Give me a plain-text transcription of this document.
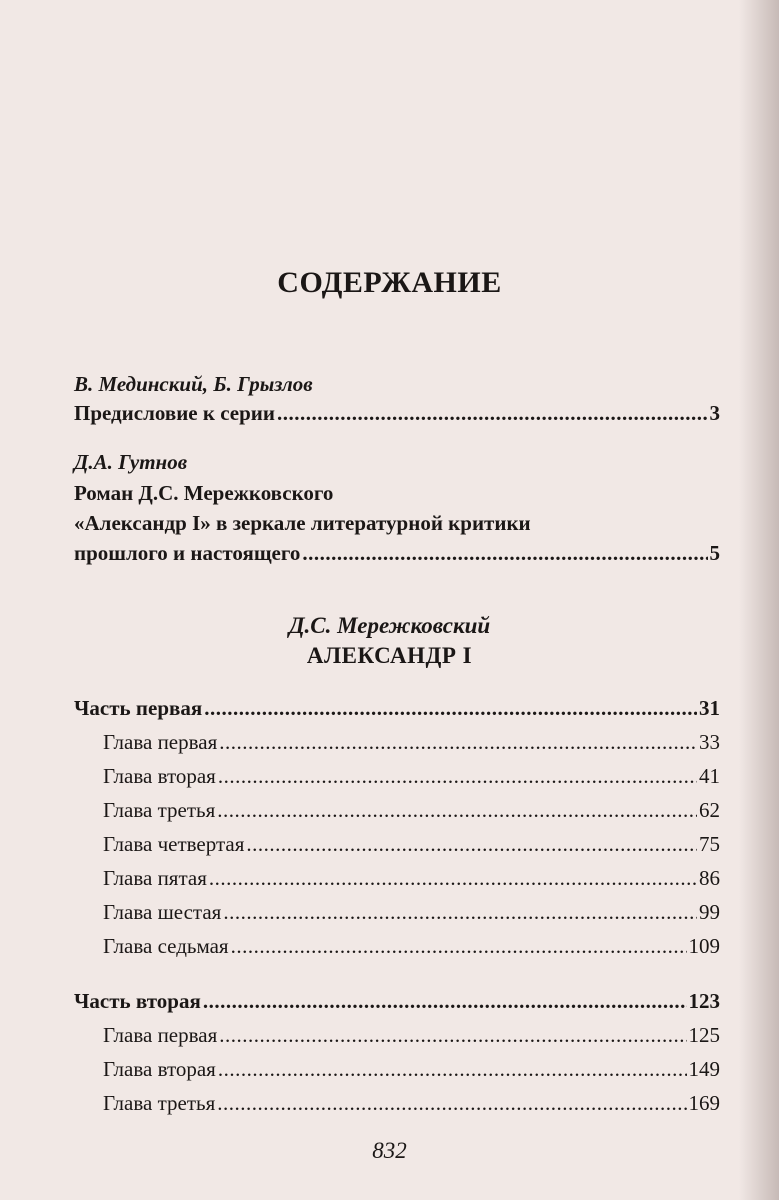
СОДЕРЖАНИЕ
В. Мединский, Б. Грызлов
Предисловие к серии .....	3
Д.А. Гутнов
Роман Д.С. Мережковского
«Александр I» в зеркале литературной критики
прошлого и настоящего .....	5
Д.С. Мережковский
АЛЕКСАНДР I
Часть первая .....	31
Глава первая .....	33
Глава вторая .....	41
Глава третья .....	62
Глава четвертая .....	75
Глава пятая .....	86
Глава шестая .....	99
Глава седьмая .....	109
Часть вторая .....	123
Глава первая .....	125
Глава вторая .....	149
Глава третья .....	169
832
